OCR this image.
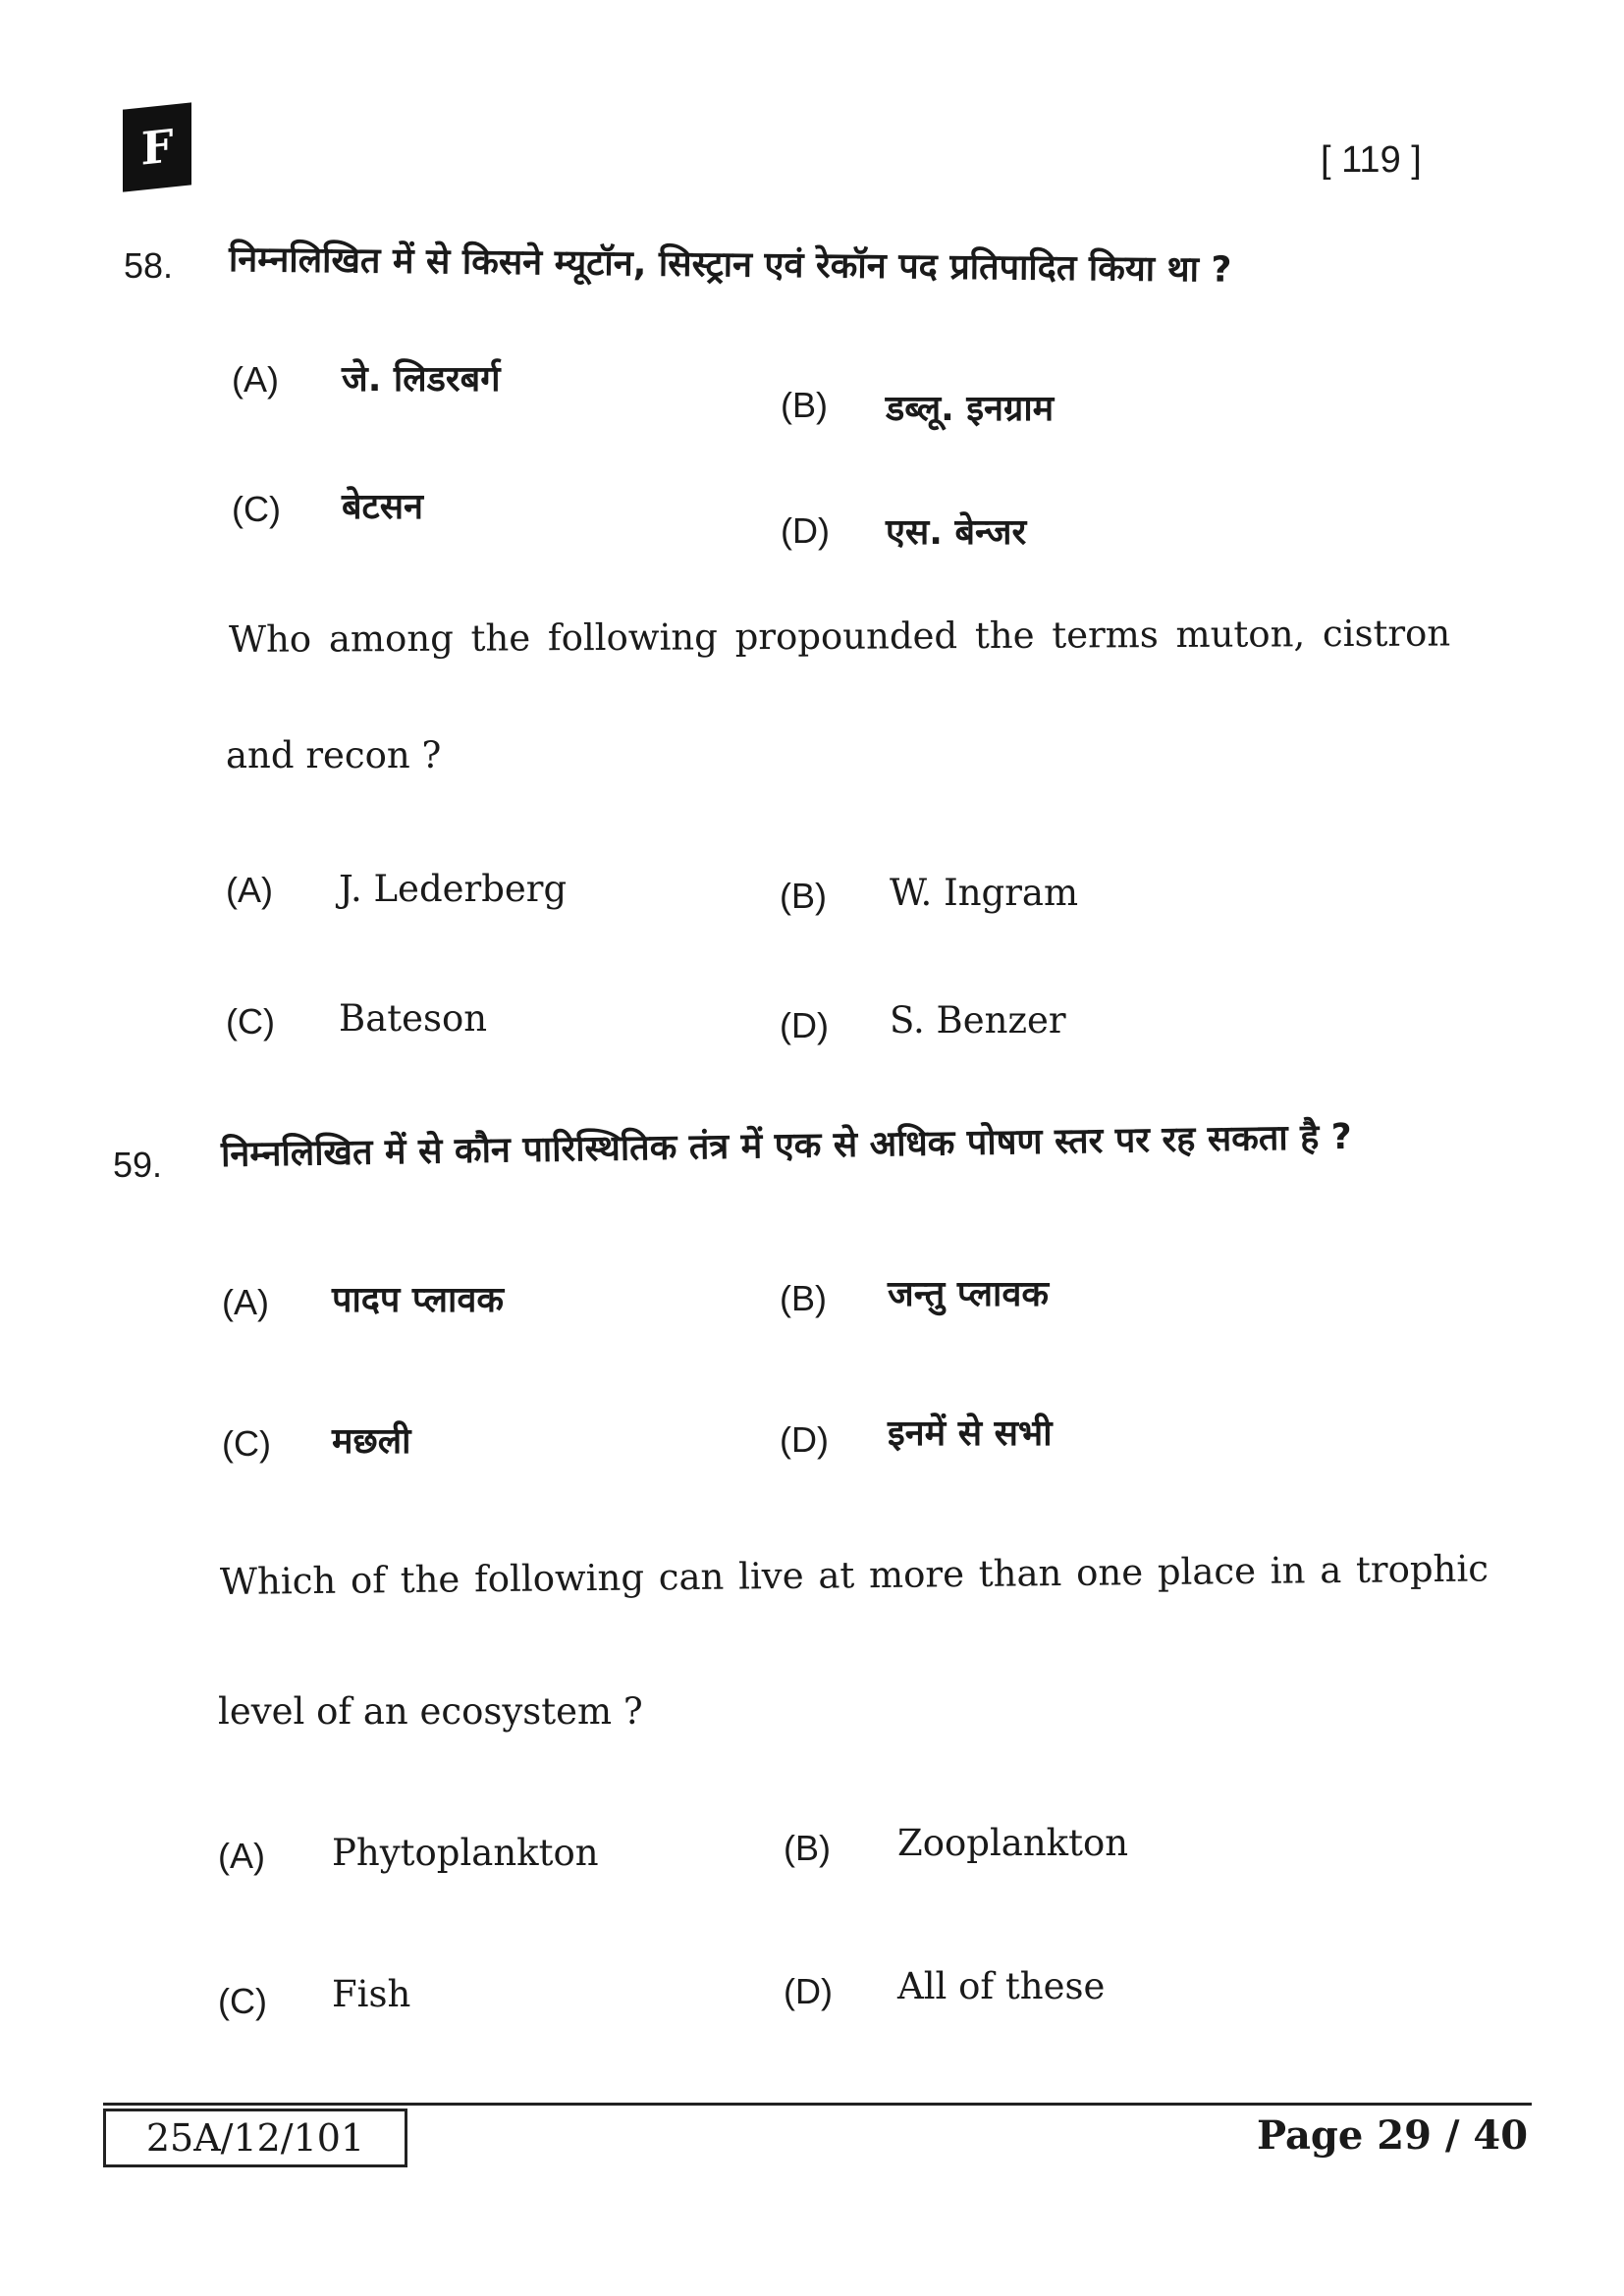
F	[ 119 ]
58. निम्नलिखित में से किसने म्यूटॉन, सिस्ट्रान एवं रेकॉन पद प्रतिपादित किया था ?
(A) जे. लिडरबर्ग
(B) डब्लू. इनग्राम
(C) बेटसन
(D) एस. बेन्जर
Who among the following propounded the terms muton, cistron
and recon ?
(A) J. Lederberg	(B) W. Ingram
(C) Bateson	(D) S. Benzer
59. निम्नलिखित में से कौन पारिस्थितिक तंत्र में एक से अधिक पोषण स्तर पर रह सकता है ?
(A) पादप प्लावक	(B) जन्तु प्लावक
(C) मछली	(D) इनमें से सभी
Which of the following can live at more than one place in a trophic
level of an ecosystem ?
(A) Phytoplankton	(B) Zooplankton
(C) Fish	(D) All of these
25A/12/101	Page 29 / 40
